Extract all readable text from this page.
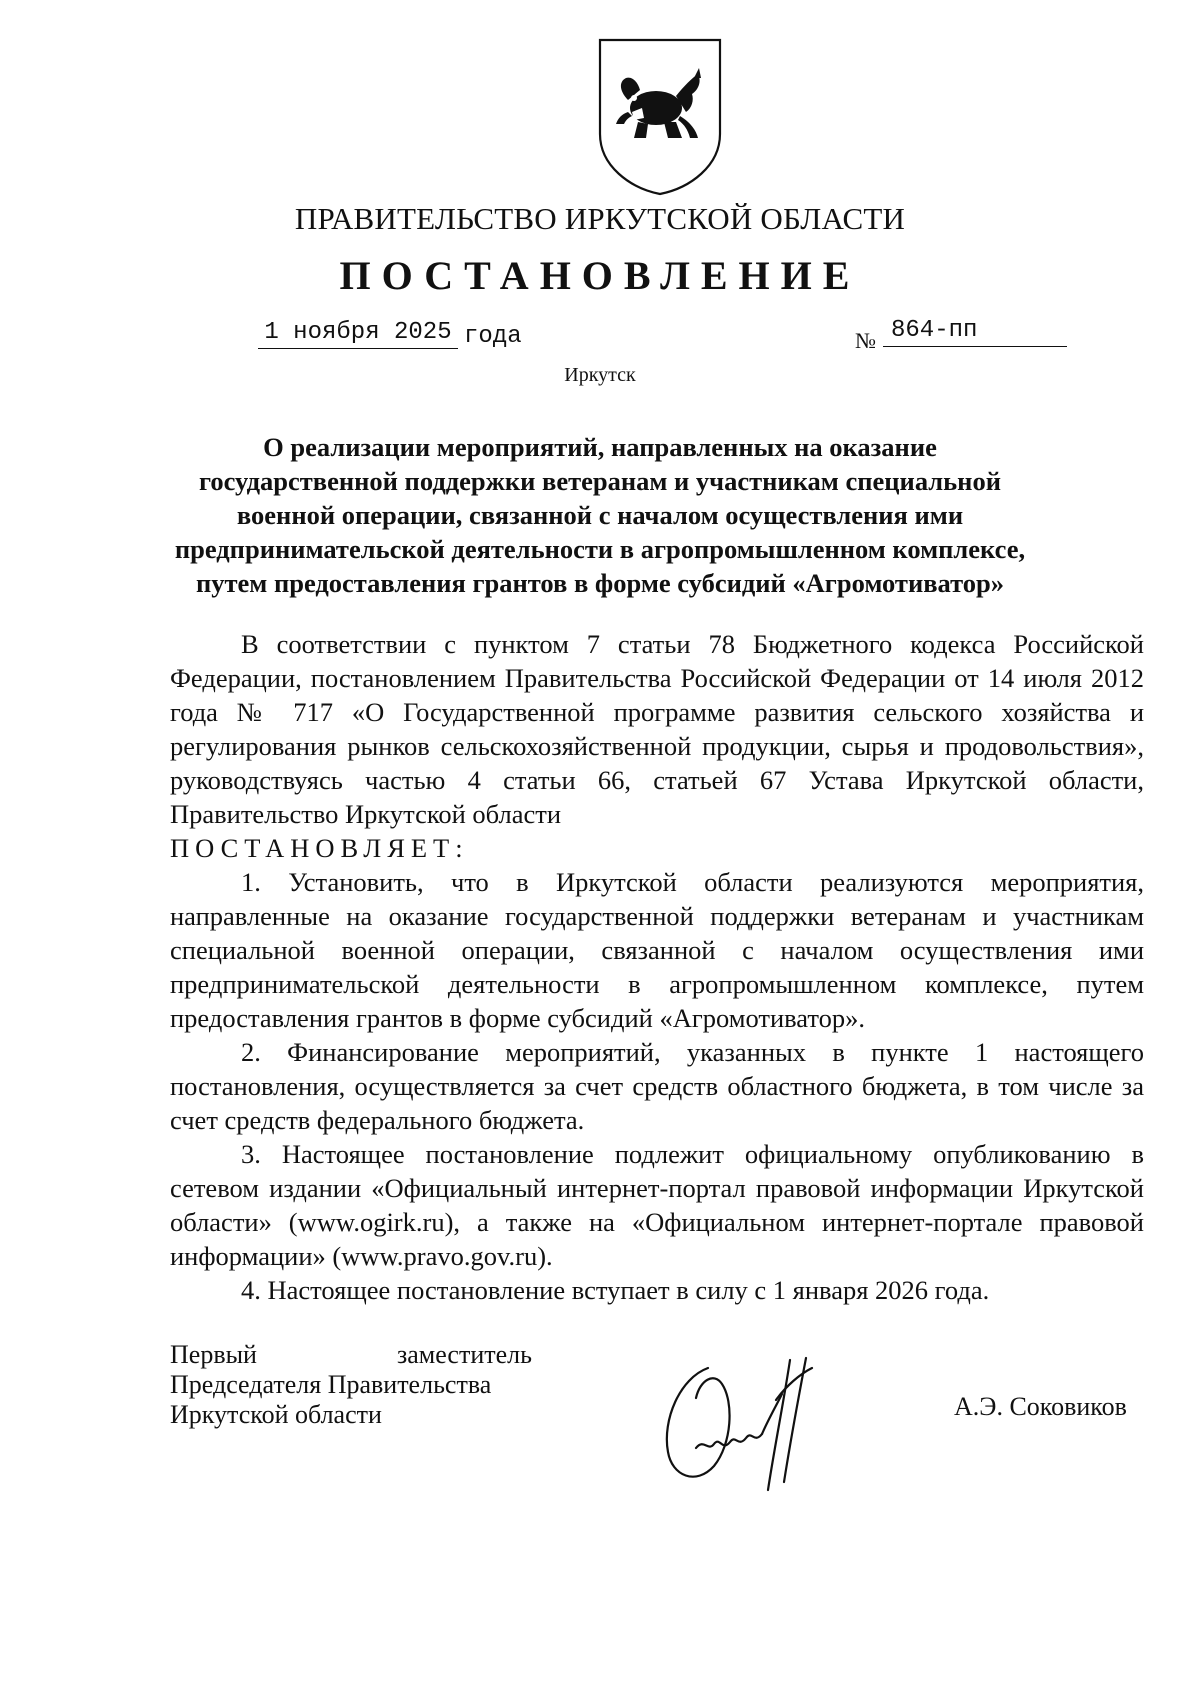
ПРАВИТЕЛЬСТВО ИРКУТСКОЙ ОБЛАСТИ
ПОСТАНОВЛЕНИЕ
1 ноября 2025 года	№ 864-пп
Иркутск
О реализации мероприятий, направленных на оказание государственной поддержки ветеранам и участникам специальной военной операции, связанной с началом осуществления ими предпринимательской деятельности в агропромышленном комплексе, путем предоставления грантов в форме субсидий «Агромотиватор»

В соответствии с пунктом 7 статьи 78 Бюджетного кодекса Российской Федерации, постановлением Правительства Российской Федерации от 14 июля 2012 года № 717 «О Государственной программе развития сельского хозяйства и регулирования рынков сельскохозяйственной продукции, сырья и продовольствия», руководствуясь частью 4 статьи 66, статьей 67 Устава Иркутской области, Правительство Иркутской области

ПОСТАНОВЛЯЕТ:

1. Установить, что в Иркутской области реализуются мероприятия, направленные на оказание государственной поддержки ветеранам и участникам специальной военной операции, связанной с началом осуществления ими предпринимательской деятельности в агропромышленном комплексе, путем предоставления грантов в форме субсидий «Агромотиватор».

2. Финансирование мероприятий, указанных в пункте 1 настоящего постановления, осуществляется за счет средств областного бюджета, в том числе за счет средств федерального бюджета.

3. Настоящее постановление подлежит официальному опубликованию в сетевом издании «Официальный интернет-портал правовой информации Иркутской области» (www.ogirk.ru), а также на «Официальном интернет-портале правовой информации» (www.pravo.gov.ru).

4. Настоящее постановление вступает в силу с 1 января 2026 года.

Первый	заместитель
Председателя Правительства
Иркутской области	А.Э. Соковиков
